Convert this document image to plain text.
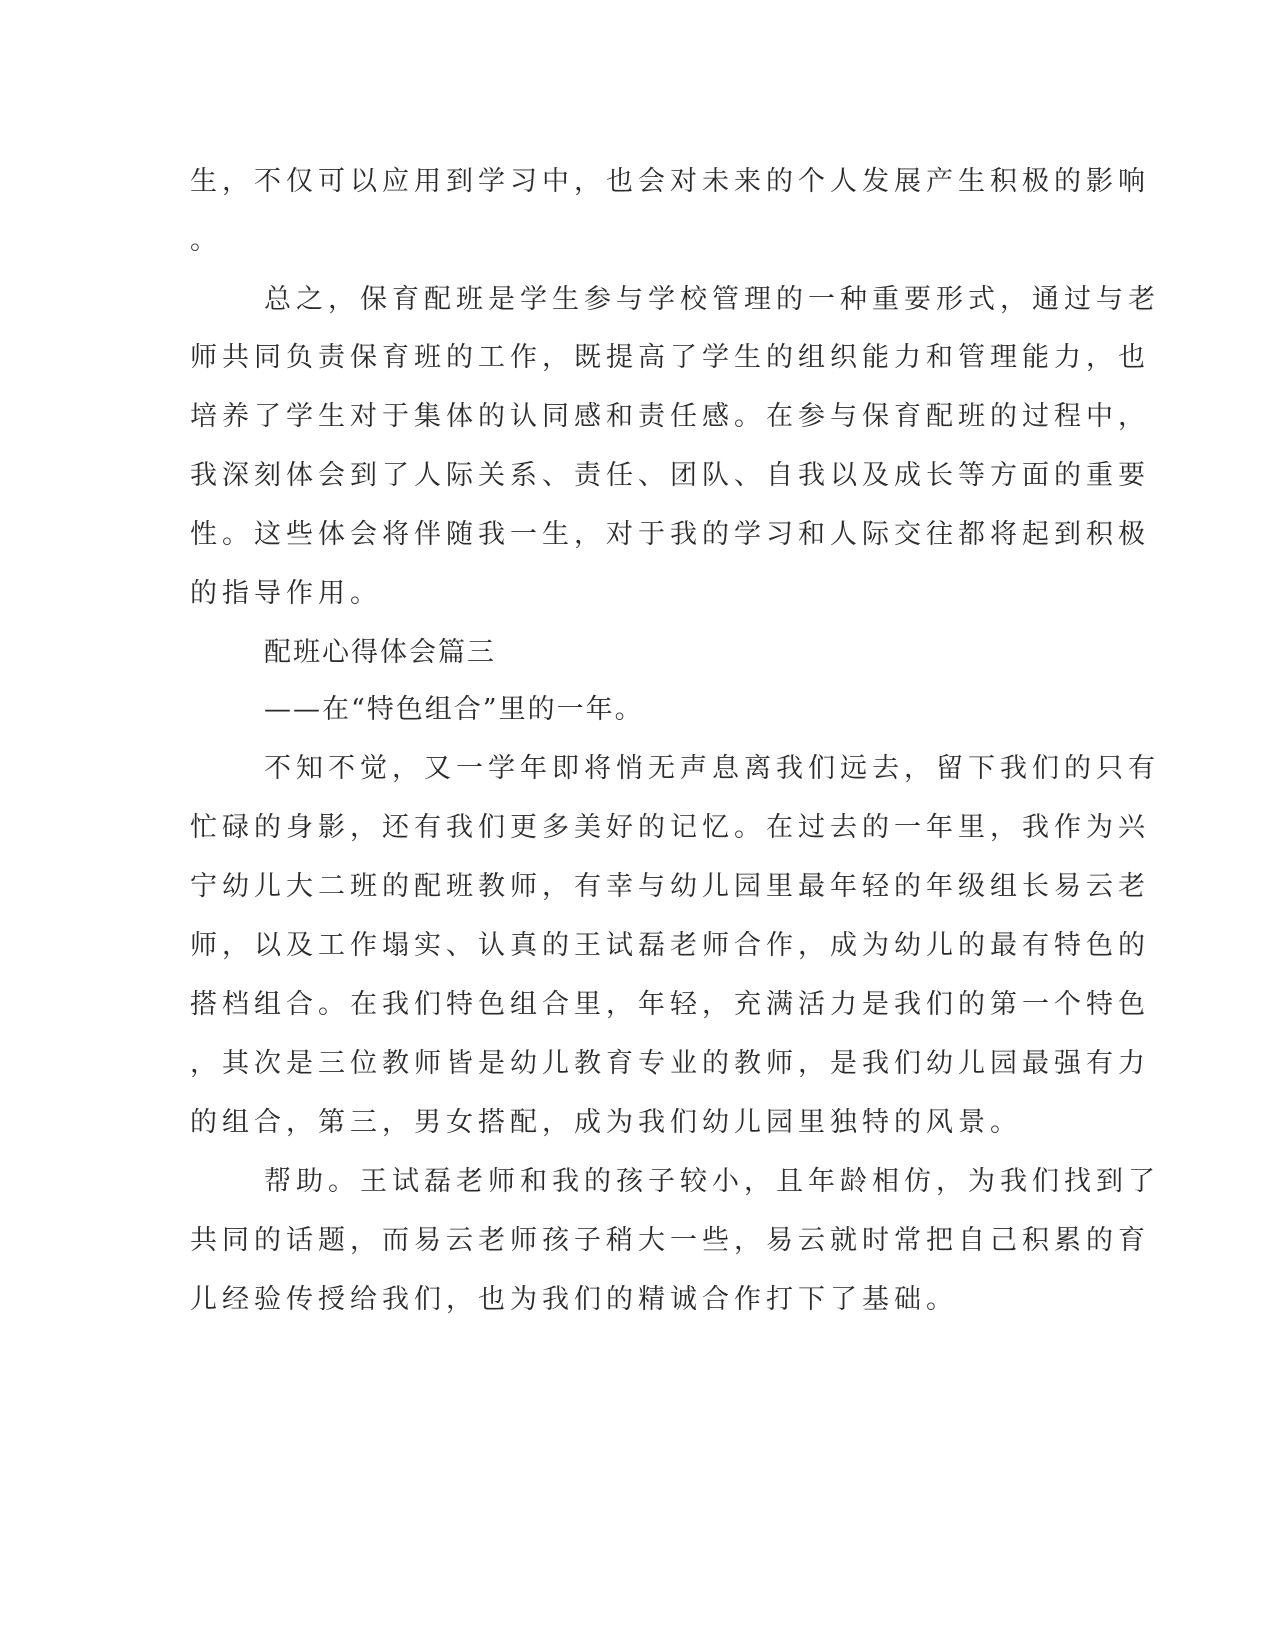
生，不仅可以应用到学习中，也会对未来的个人发展产生积极的影响
。
总之，保育配班是学生参与学校管理的一种重要形式，通过与老
师共同负责保育班的工作，既提高了学生的组织能力和管理能力，也
培养了学生对于集体的认同感和责任感。在参与保育配班的过程中，
我深刻体会到了人际关系、责任、团队、自我以及成长等方面的重要
性。这些体会将伴随我一生，对于我的学习和人际交往都将起到积极
的指导作用。
配班心得体会篇三
——在“特色组合”里的一年。
不知不觉，又一学年即将悄无声息离我们远去，留下我们的只有
忙碌的身影，还有我们更多美好的记忆。在过去的一年里，我作为兴
宁幼儿大二班的配班教师，有幸与幼儿园里最年轻的年级组长易云老
师，以及工作塌实、认真的王试磊老师合作，成为幼儿的最有特色的
搭档组合。在我们特色组合里，年轻，充满活力是我们的第一个特色
，其次是三位教师皆是幼儿教育专业的教师，是我们幼儿园最强有力
的组合，第三，男女搭配，成为我们幼儿园里独特的风景。
帮助。王试磊老师和我的孩子较小，且年龄相仿，为我们找到了
共同的话题，而易云老师孩子稍大一些，易云就时常把自己积累的育
儿经验传授给我们，也为我们的精诚合作打下了基础。
